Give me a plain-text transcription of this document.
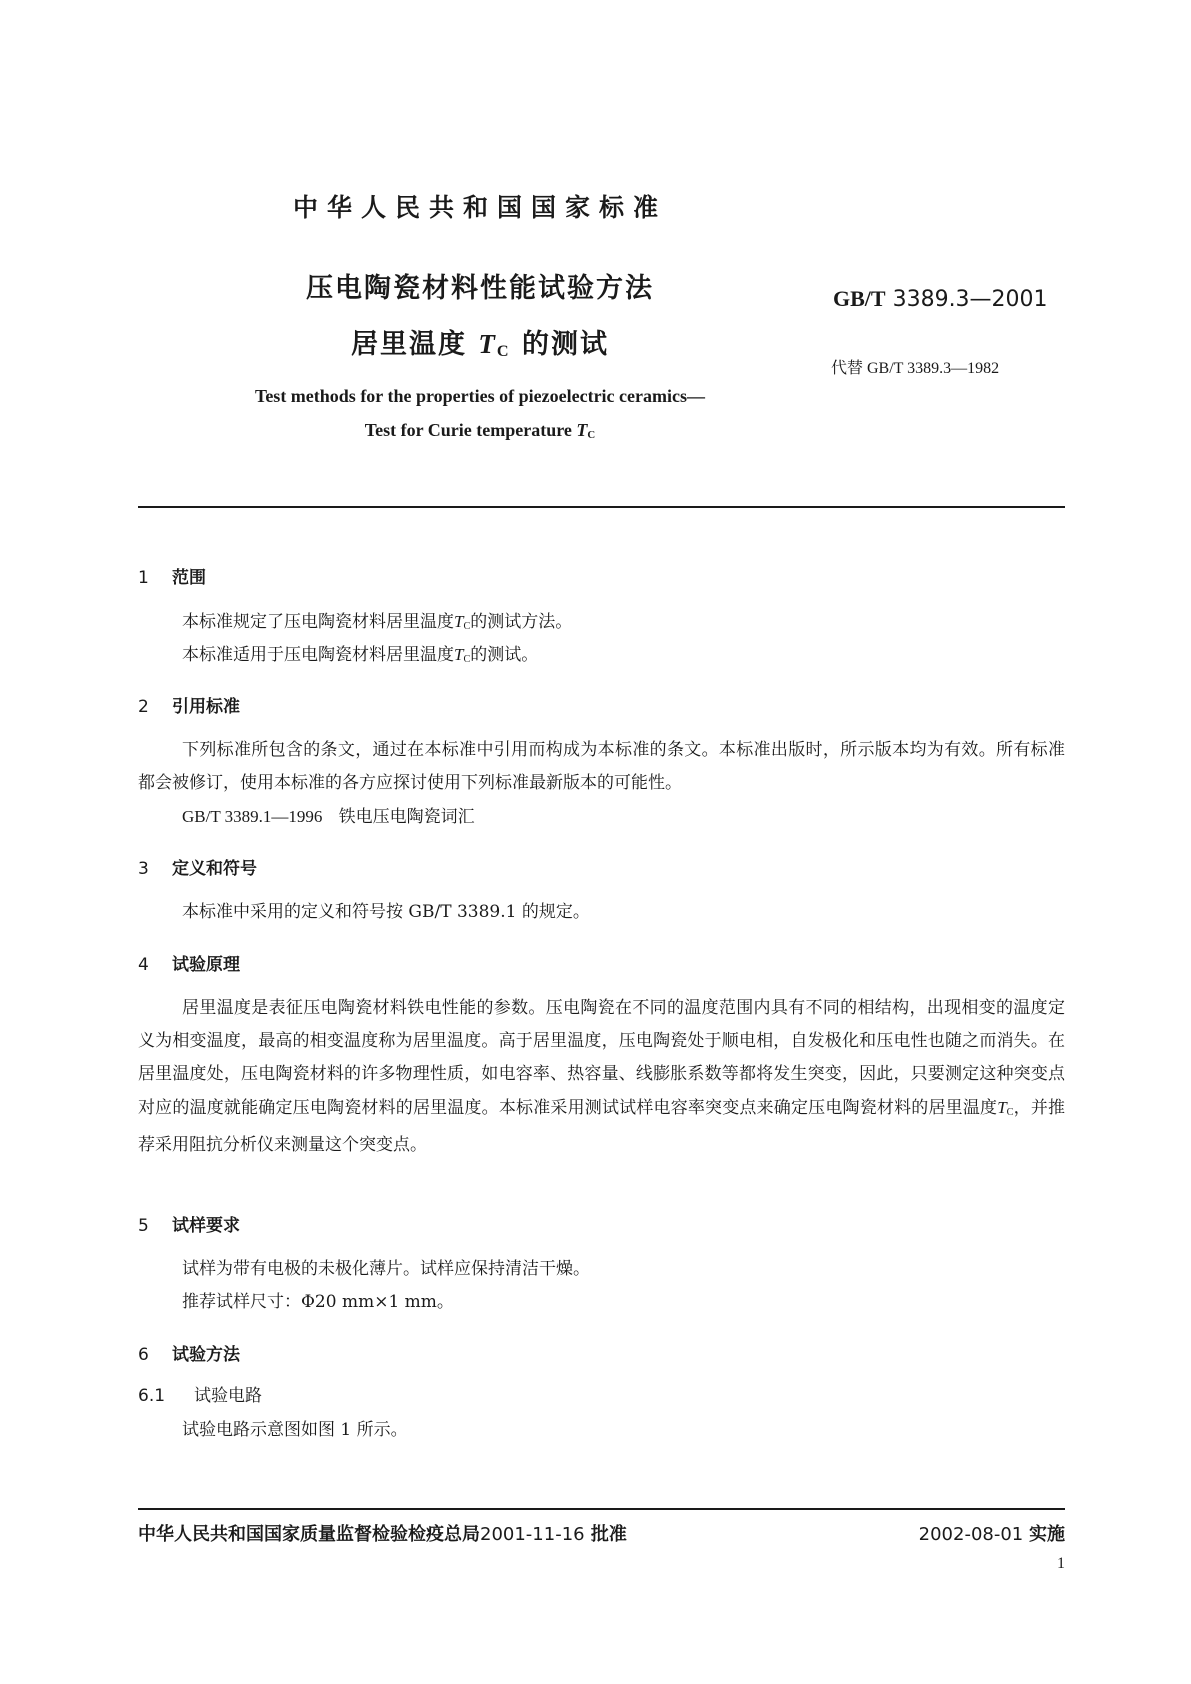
中华人民共和国国家标准
压电陶瓷材料性能试验方法
居里温度 $T_C$ 的测试
GB/T 3389.3—2001
代替 GB/T 3389.3—1982
Test methods for the properties of piezoelectric ceramics—
Test for Curie temperature $T_C$
1 范围
本标准规定了压电陶瓷材料居里温度$T_C$的测试方法。
本标准适用于压电陶瓷材料居里温度$T_C$的测试。
2 引用标准
下列标准所包含的条文，通过在本标准中引用而构成为本标准的条文。本标准出版时，所示版本均为有效。所有标准都会被修订，使用本标准的各方应探讨使用下列标准最新版本的可能性。
GB/T 3389.1—1996 铁电压电陶瓷词汇
3 定义和符号
本标准中采用的定义和符号按 GB/T 3389.1 的规定。
4 试验原理
居里温度是表征压电陶瓷材料铁电性能的参数。压电陶瓷在不同的温度范围内具有不同的相结构，出现相变的温度定义为相变温度，最高的相变温度称为居里温度。高于居里温度，压电陶瓷处于顺电相，自发极化和压电性也随之而消失。在居里温度处，压电陶瓷材料的许多物理性质，如电容率、热容量、线膨胀系数等都将发生突变，因此，只要测定这种突变点对应的温度就能确定压电陶瓷材料的居里温度。本标准采用测试试样电容率突变点来确定压电陶瓷材料的居里温度$T_C$，并推荐采用阻抗分析仪来测量这个突变点。
5 试样要求
试样为带有电极的未极化薄片。试样应保持清洁干燥。
推荐试样尺寸：Φ20 mm×1 mm。
6 试验方法
6.1 试验电路
试验电路示意图如图 1 所示。
中华人民共和国国家质量监督检验检疫总局2001-11-16 批准	2002-08-01 实施
1
